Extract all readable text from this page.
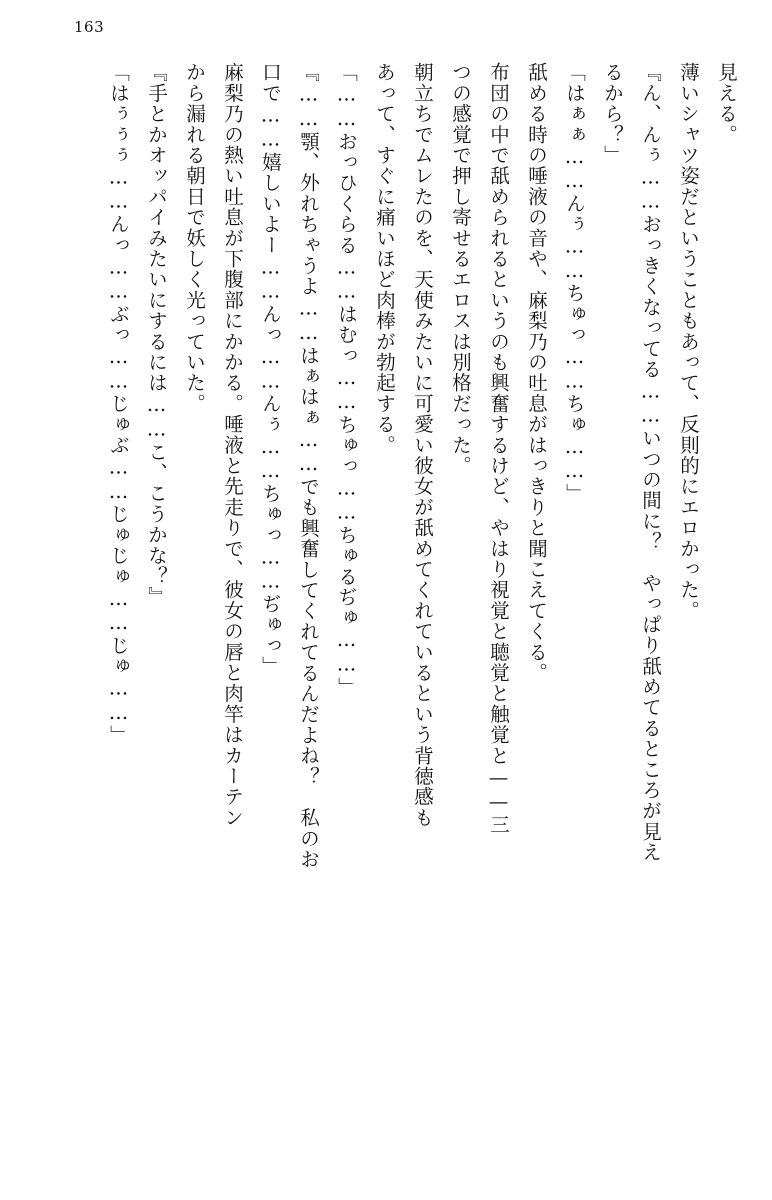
163
見える。
薄いシャツ姿だということもあって、反則的にエロかった。
『ん、んぅ……おっきくなってる……いつの間に？　やっぱり舐めてるところが見え
るから？」
「はぁぁ……んぅ……ちゅっ……ちゅ……」
舐める時の唾液の音や、麻梨乃の吐息がはっきりと聞こえてくる。
布団の中で舐められるというのも興奮するけど、やはり視覚と聴覚と触覚と——三
つの感覚で押し寄せるエロスは別格だった。
朝立ちでムレたのを、天使みたいに可愛い彼女が舐めてくれているという背徳感も
あって、すぐに痛いほど肉棒が勃起する。
「……おっひくらる……はむっ……ちゅっ……ちゅるぢゅ……」
『……顎、外れちゃうよ……はぁはぁ……でも興奮してくれてるんだよね？　私のお
口で……嬉しいよー……んっ……んぅ……ちゅっ……ぢゅっ」
麻梨乃の熱い吐息が下腹部にかかる。唾液と先走りで、彼女の唇と肉竿はカーテン
から漏れる朝日で妖しく光っていた。
『手とかオッパイみたいにするには……こ、こうかな？』
「はぅぅぅ……んっ……ぶっ……じゅぶ……じゅじゅ……じゅ……」
